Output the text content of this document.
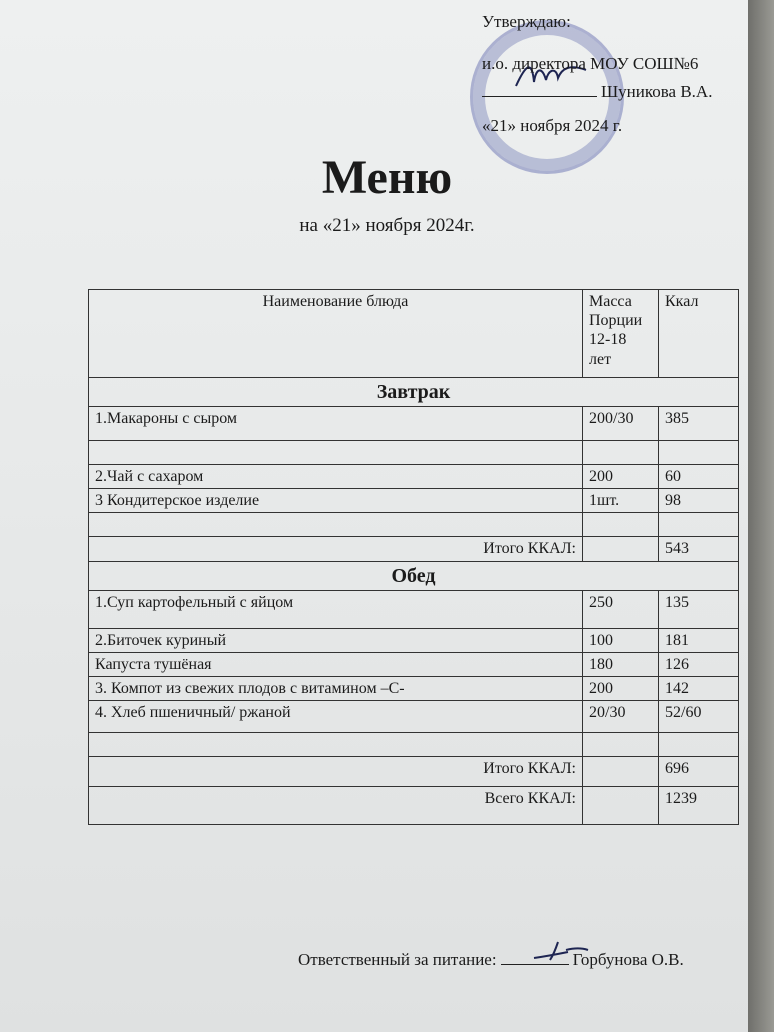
Утверждаю:
и.о. директора МОУ СОШ№6
Шуникова В.А.
«21» ноября 2024 г.
Меню
на «21» ноября 2024г.
Наименование блюда	Масса Порции 12-18 лет	Ккал
Завтрак		
1.Макароны с сыром	200/30	385

2.Чай с сахаром	200	60
3 Кондитерское изделие	1шт.	98

Итого ККАЛ:		543
Обед		
1.Суп картофельный с яйцом	250	135
2.Биточек куриный	100	181
Капуста тушёная	180	126
3. Компот из свежих плодов с витамином –С-	200	142
4. Хлеб пшеничный/ ржаной	20/30	52/60

Итого ККАЛ:		696
Всего ККАЛ:		1239
Ответственный за питание:	Горбунова О.В.
